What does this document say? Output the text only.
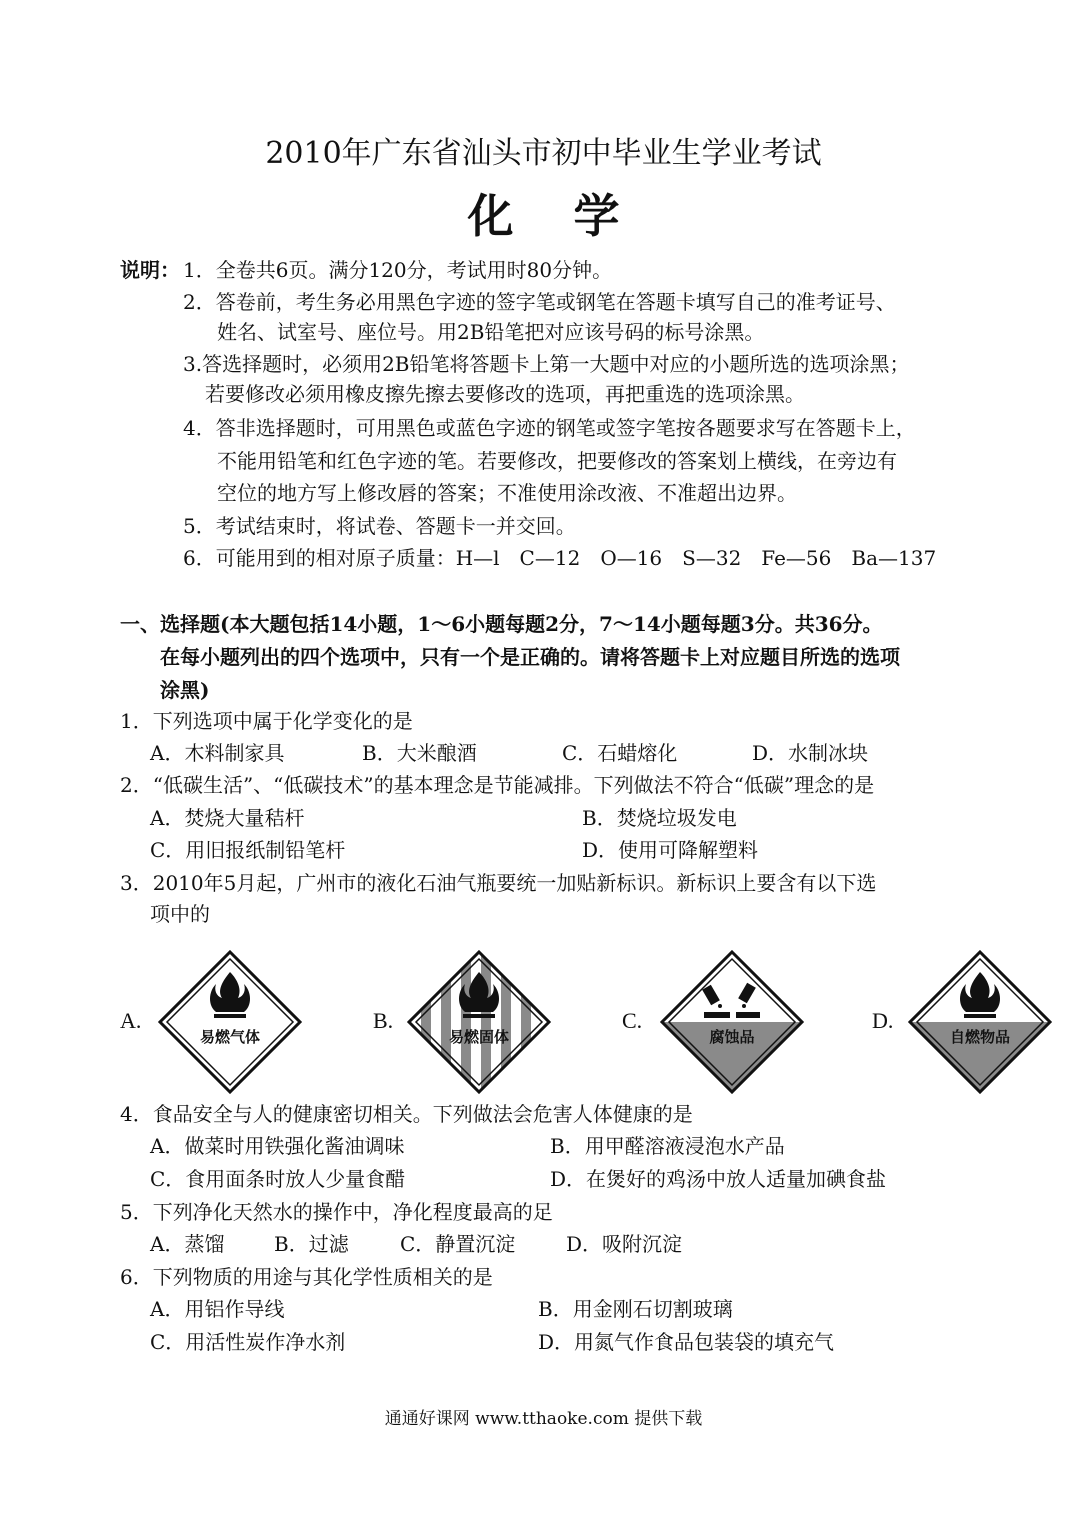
2010年广东省汕头市初中毕业生学业考试
化学
说明： 1．全卷共6页。满分120分，考试用时80分钟。
2．答卷前，考生务必用黑色字迹的签字笔或钢笔在答题卡填写自己的准考证号、
姓名、试室号、座位号。用2B铅笔把对应该号码的标号涂黑。
3.答选择题时，必须用2B铅笔将答题卡上第一大题中对应的小题所选的选项涂黑；
若要修改必须用橡皮擦先擦去要修改的选项，再把重选的选项涂黑。
4．答非选择题时，可用黑色或蓝色字迹的钢笔或签字笔按各题要求写在答题卡上，
不能用铅笔和红色字迹的笔。若要修改，把要修改的答案划上横线，在旁边有
空位的地方写上修改唇的答案；不准使用涂改液、不准超出边界。
5．考试结束时，将试卷、答题卡一并交回。
6．可能用到的相对原子质量：H—l　C—12　O—16　S—32　Fe—56　Ba—137
一、选择题(本大题包括14小题，1～6小题每题2分，7～14小题每题3分。共36分。
在每小题列出的四个选项中，只有一个是正确的。请将答题卡上对应题目所选的选项
涂黑)
1．下列选项中属于化学变化的是
A．木料制家具	B．大米酿酒	C．石蜡熔化	D．水制冰块
2．“低碳生活”、“低碳技术”的基本理念是节能减排。下列做法不符合“低碳”理念的是
A．焚烧大量秸杆	B．焚烧垃圾发电
C．用旧报纸制铅笔杆	D．使用可降解塑料
3．2010年5月起，广州市的液化石油气瓶要统一加贴新标识。新标识上要含有以下选
项中的
A.	B.	C.	D.
易燃气体	易燃固体	腐蚀品	自燃物品
4．食品安全与人的健康密切相关。下列做法会危害人体健康的是
A．做菜时用铁强化酱油调味	B．用甲醛溶液浸泡水产品
C．食用面条时放人少量食醋	D．在煲好的鸡汤中放人适量加碘食盐
5．下列净化天然水的操作中，净化程度最高的足
A．蒸馏 B．过滤	C．静置沉淀	D．吸附沉淀
6．下列物质的用途与其化学性质相关的是
A．用铝作导线	B．用金刚石切割玻璃
C．用活性炭作净水剂	D．用氮气作食品包装袋的填充气
通通好课网 www.tthaoke.com 提供下载
